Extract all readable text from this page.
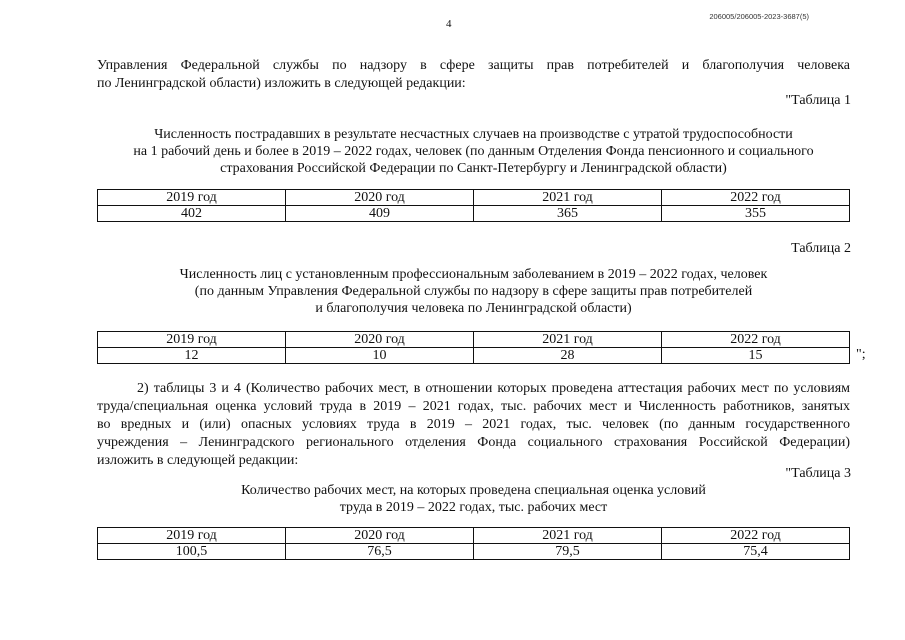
4
206005/206005-2023-3687(5)
Управления Федеральной службы по надзору в сфере защиты прав потребителей и благополучия человека
по Ленинградской области) изложить в следующей редакции:
"Таблица 1
Численность пострадавших в результате несчастных случаев на производстве с утратой трудоспособности
на 1 рабочий день и более в 2019 – 2022 годах, человек (по данным Отделения Фонда пенсионного и социального
страхования Российской Федерации по Санкт-Петербургу и Ленинградской области)
2019 год	2020 год	2021 год	2022 год
402	409	365	355
Таблица 2
Численность лиц с установленным профессиональным заболеванием в 2019 – 2022 годах, человек
(по данным Управления Федеральной службы по надзору в сфере защиты прав потребителей
и благополучия человека по Ленинградской области)
2019 год	2020 год	2021 год	2022 год
12	10	28	15	";
2) таблицы 3 и 4 (Количество рабочих мест, в отношении которых проведена аттестация рабочих мест по условиям
труда/специальная оценка условий труда в 2019 – 2021 годах, тыс. рабочих мест и Численность работников, занятых
во вредных и (или) опасных условиях труда в 2019 – 2021 годах, тыс. человек (по данным государственного
учреждения – Ленинградского регионального отделения Фонда социального страхования Российской Федерации)
изложить в следующей редакции:
"Таблица 3
Количество рабочих мест, на которых проведена специальная оценка условий
труда в 2019 – 2022 годах, тыс. рабочих мест
2019 год	2020 год	2021 год	2022 год
100,5	76,5	79,5	75,4
